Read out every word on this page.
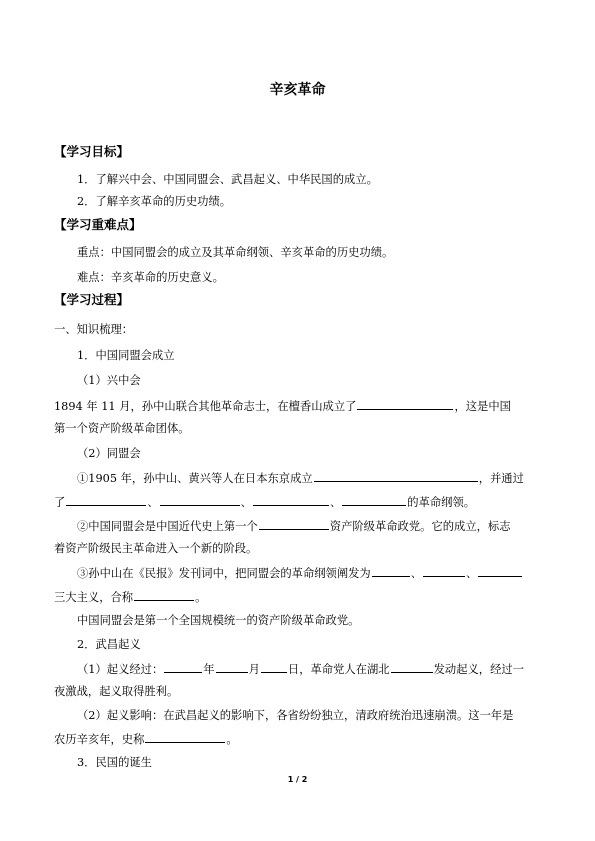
辛亥革命
【学习目标】
1．了解兴中会、中国同盟会、武昌起义、中华民国的成立。
2．了解辛亥革命的历史功绩。
【学习重难点】
重点：中国同盟会的成立及其革命纲领、辛亥革命的历史功绩。
难点：辛亥革命的历史意义。
【学习过程】
一、知识梳理：
1．中国同盟会成立
（1）兴中会
1894 年 11 月，孙中山联合其他革命志士，在檀香山成立了	，这是中国
第一个资产阶级革命团体。
（2）同盟会
①1905 年，孙中山、黄兴等人在日本东京成立	，并通过
了	、	、	、	的革命纲领。
②中国同盟会是中国近代史上第一个	资产阶级革命政党。它的成立，标志
着资产阶级民主革命进入一个新的阶段。
③孙中山在《民报》发刊词中，把同盟会的革命纲领阐发为	、	、
三大主义，合称	。
中国同盟会是第一个全国规模统一的资产阶级革命政党。
2．武昌起义
（1）起义经过：	年	月 日，革命党人在湖北	发动起义，经过一
夜激战，起义取得胜利。
（2）起义影响：在武昌起义的影响下，各省纷纷独立，清政府统治迅速崩溃。这一年是
农历辛亥年，史称	。
3．民国的诞生
1 / 2
